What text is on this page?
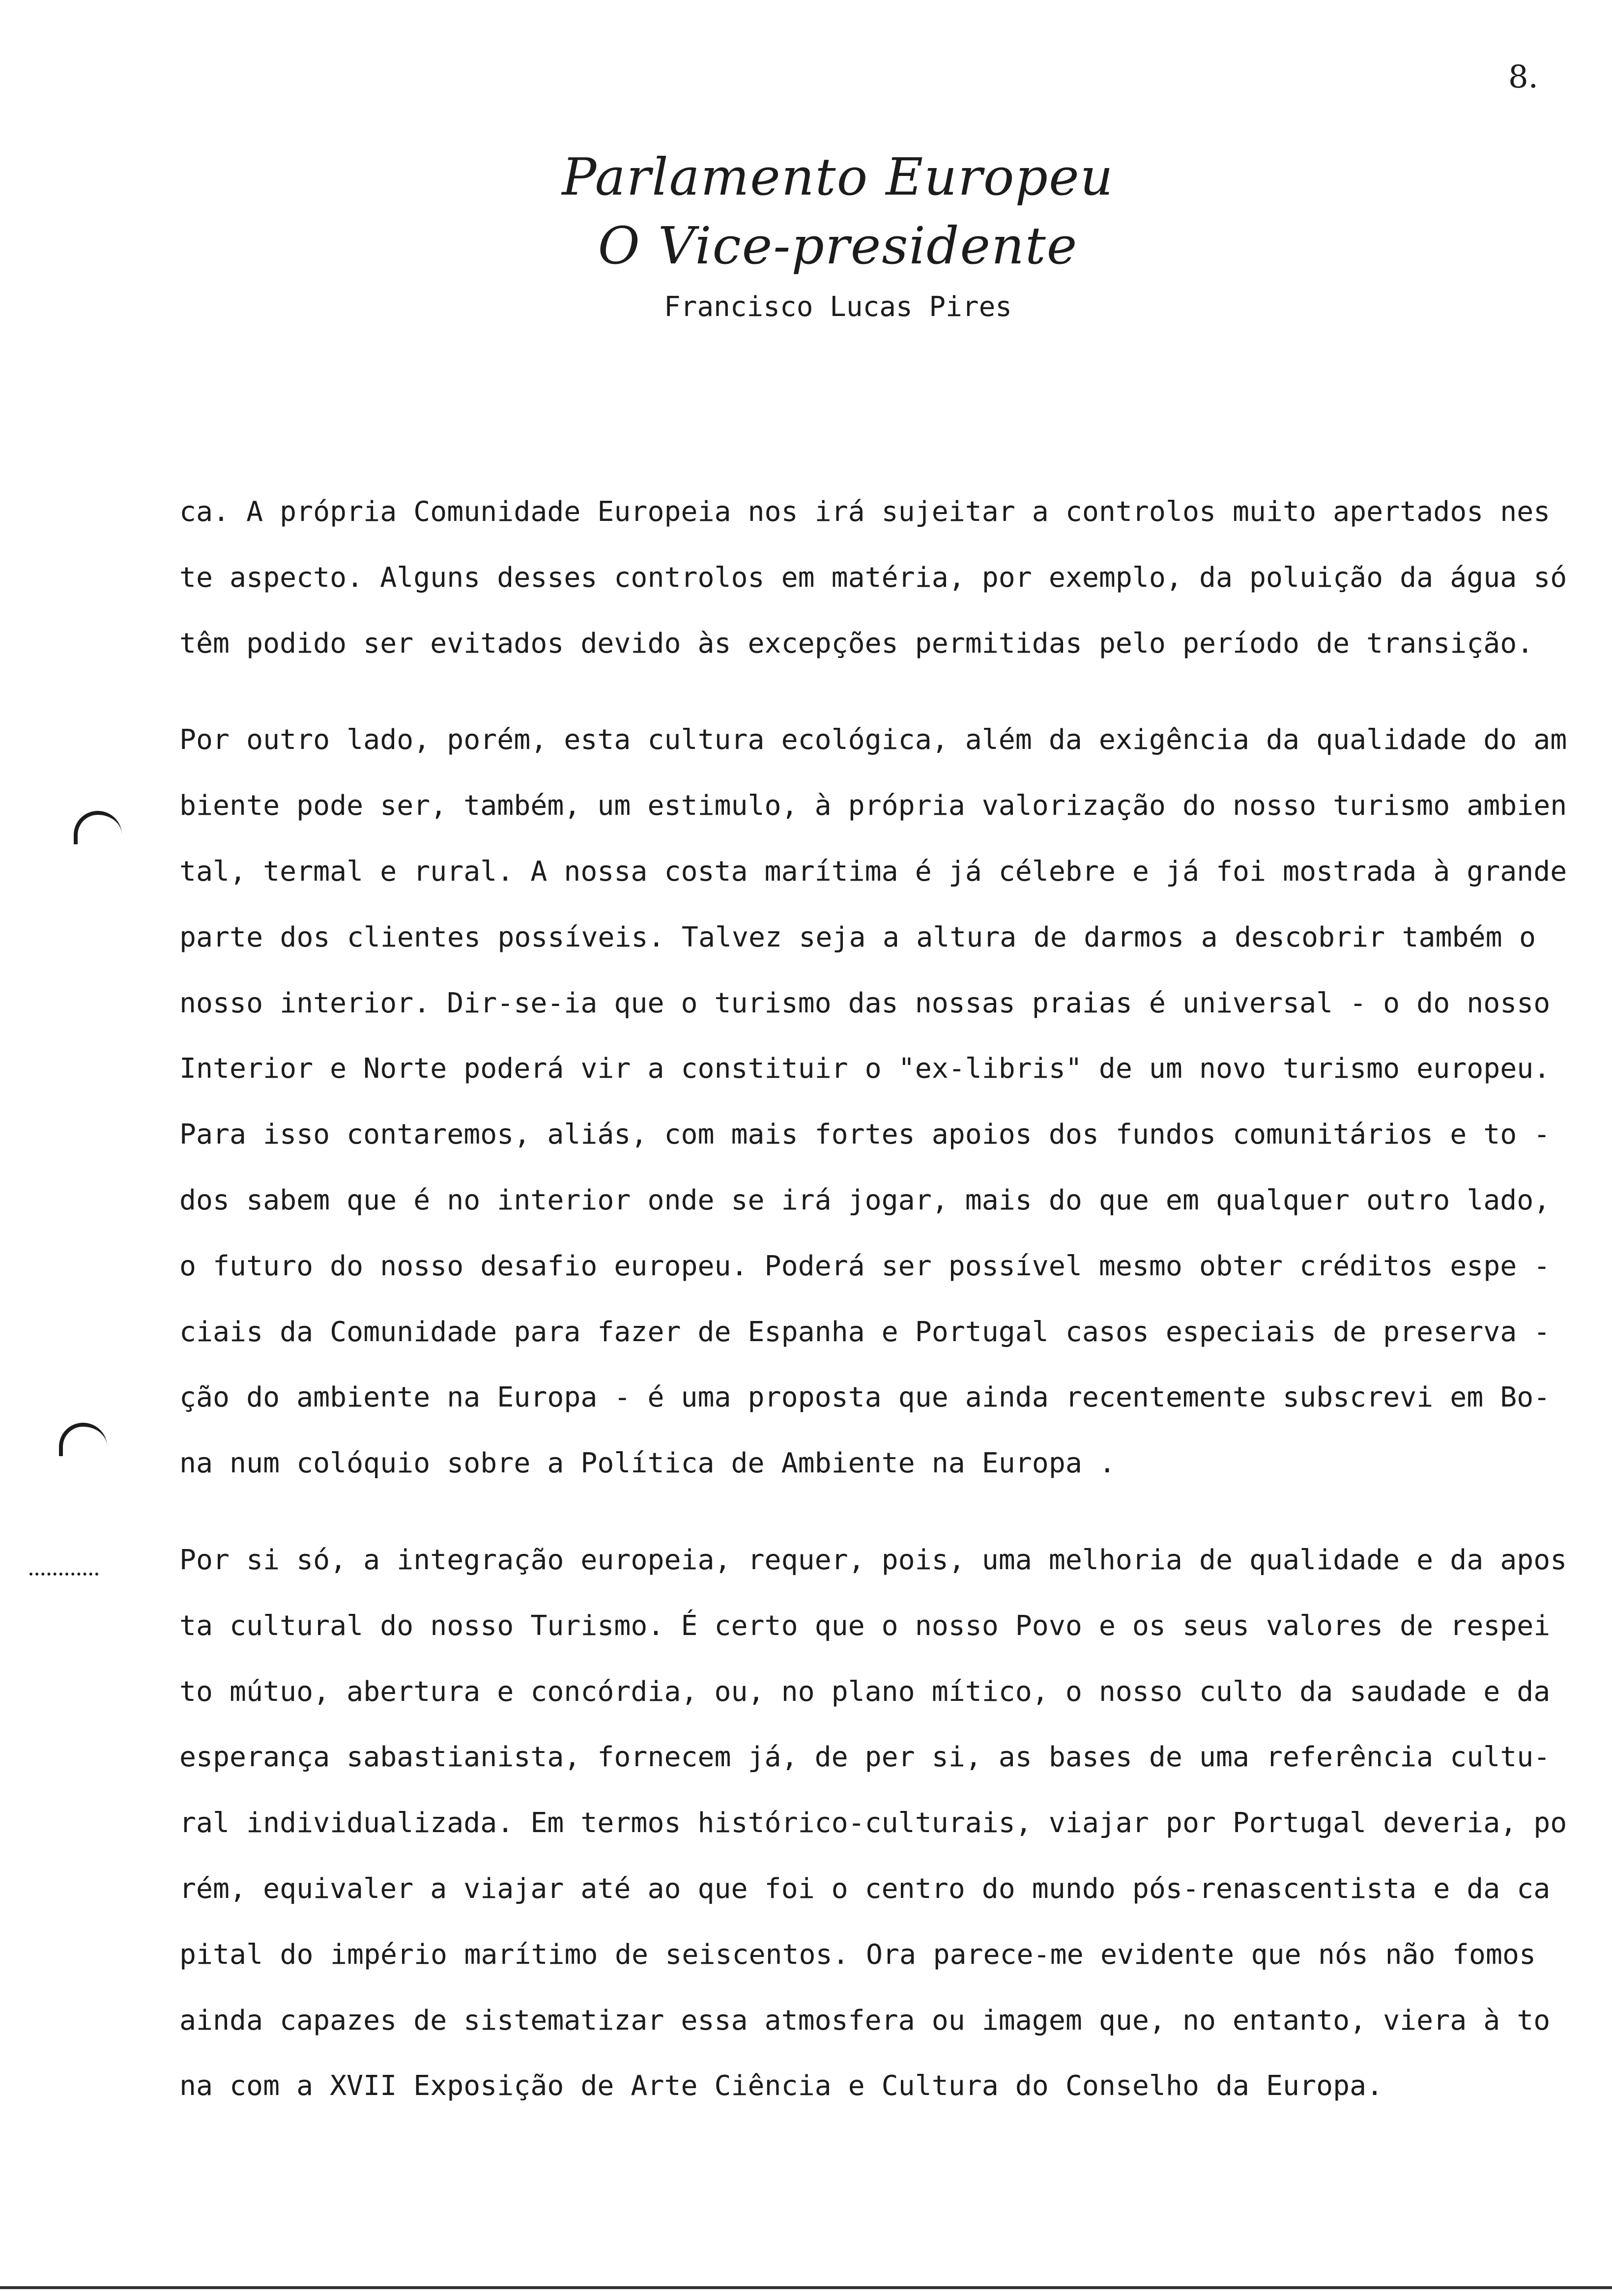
8.
Parlamento Europeu
O Vice-presidente
Francisco Lucas Pires
ca. A própria Comunidade Europeia nos irá sujeitar a controlos muito apertados nes
te aspecto. Alguns desses controlos em matéria, por exemplo, da poluição da água só
têm podido ser evitados devido às excepções permitidas pelo período de transição.
Por outro lado, porém, esta cultura ecológica, além da exigência da qualidade do am
biente pode ser, também, um estimulo, à própria valorização do nosso turismo ambien
tal, termal e rural. A nossa costa marítima é já célebre e já foi mostrada à grande
parte dos clientes possíveis. Talvez seja a altura de darmos a descobrir também o
nosso interior. Dir-se-ia que o turismo das nossas praias é universal - o do nosso
Interior e Norte poderá vir a constituir o "ex-libris" de um novo turismo europeu.
Para isso contaremos, aliás, com mais fortes apoios dos fundos comunitários e to -
dos sabem que é no interior onde se irá jogar, mais do que em qualquer outro lado,
o futuro do nosso desafio europeu. Poderá ser possível mesmo obter créditos espe -
ciais da Comunidade para fazer de Espanha e Portugal casos especiais de preserva -
ção do ambiente na Europa - é uma proposta que ainda recentemente subscrevi em Bo-
na num colóquio sobre a Política de Ambiente na Europa .
Por si só, a integração europeia, requer, pois, uma melhoria de qualidade e da apos
ta cultural do nosso Turismo. É certo que o nosso Povo e os seus valores de respei
to mútuo, abertura e concórdia, ou, no plano mítico, o nosso culto da saudade e da
esperança sabastianista, fornecem já, de per si, as bases de uma referência cultu-
ral individualizada. Em termos histórico-culturais, viajar por Portugal deveria, po
rém, equivaler a viajar até ao que foi o centro do mundo pós-renascentista e da ca
pital do império marítimo de seiscentos. Ora parece-me evidente que nós não fomos
ainda capazes de sistematizar essa atmosfera ou imagem que, no entanto, viera à to
na com a XVII Exposição de Arte Ciência e Cultura do Conselho da Europa.
